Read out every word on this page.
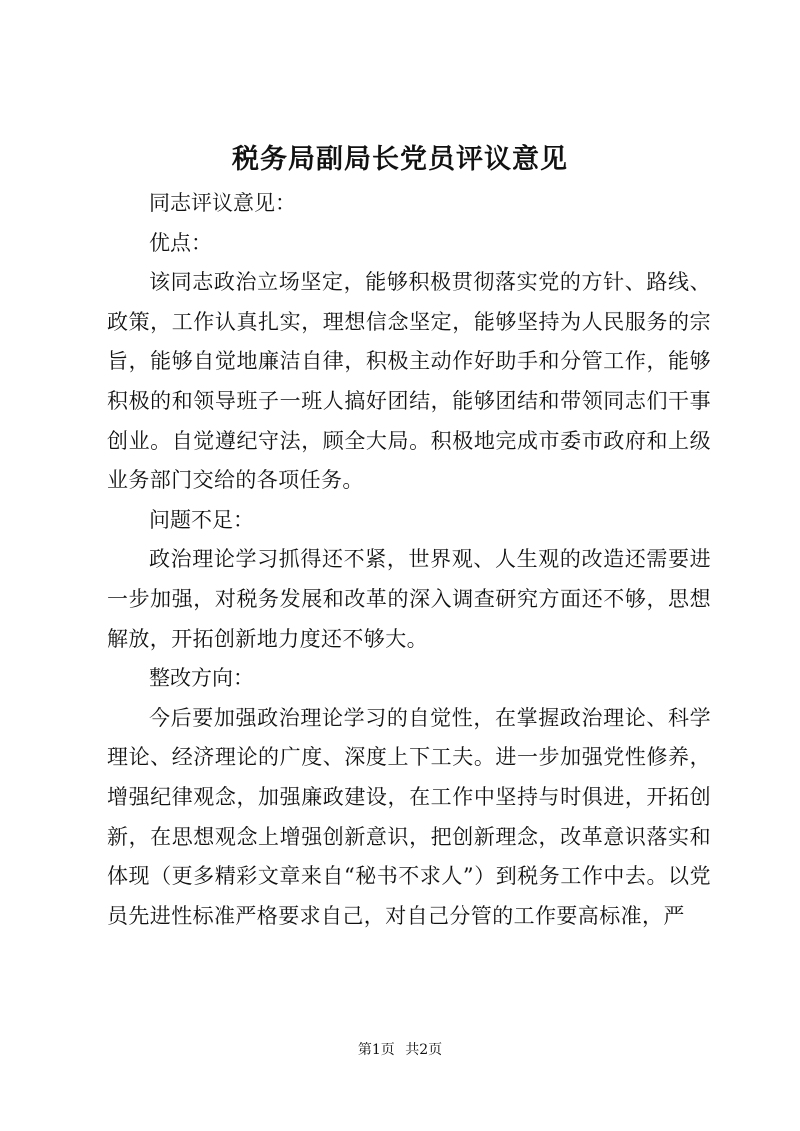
税务局副局长党员评议意见

同志评议意见：

优点：

该同志政治立场坚定，能够积极贯彻落实党的方针、路线、政策，工作认真扎实，理想信念坚定，能够坚持为人民服务的宗旨，能够自觉地廉洁自律，积极主动作好助手和分管工作，能够积极的和领导班子一班人搞好团结，能够团结和带领同志们干事创业。自觉遵纪守法，顾全大局。积极地完成市委市政府和上级业务部门交给的各项任务。

问题不足：

政治理论学习抓得还不紧，世界观、人生观的改造还需要进一步加强，对税务发展和改革的深入调查研究方面还不够，思想解放，开拓创新地力度还不够大。

整改方向：

今后要加强政治理论学习的自觉性，在掌握政治理论、科学理论、经济理论的广度、深度上下工夫。进一步加强党性修养，增强纪律观念，加强廉政建设，在工作中坚持与时俱进，开拓创新，在思想观念上增强创新意识，把创新理念，改革意识落实和体现（更多精彩文章来自“秘书不求人”）到税务工作中去。以党员先进性标准严格要求自己，对自己分管的工作要高标准，严

第1页 共2页
